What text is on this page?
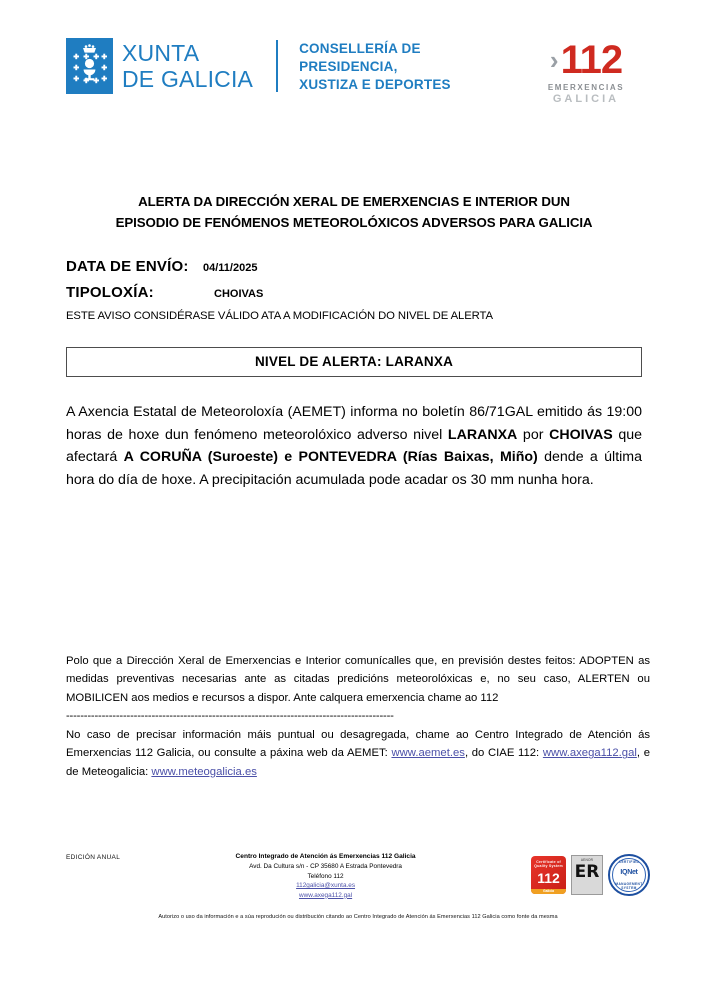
XUNTA
DE GALICIA
CONSELLERÍA DE
PRESIDENCIA,
XUSTIZA E DEPORTES
› 112
EMERXENCIAS
GALICIA
ALERTA DA DIRECCIÓN XERAL DE EMERXENCIAS E INTERIOR DUN
EPISODIO DE FENÓMENOS METEOROLÓXICOS ADVERSOS PARA GALICIA
DATA DE ENVÍO:	04/11/2025
TIPOLOXÍA:	CHOIVAS
ESTE AVISO CONSIDÉRASE VÁLIDO ATA A MODIFICACIÓN DO NIVEL DE ALERTA
NIVEL DE ALERTA: LARANXA
A Axencia Estatal de Meteoroloxía (AEMET) informa no boletín 86/71GAL emitido ás 19:00 horas de hoxe dun fenómeno meteorolóxico adverso nivel LARANXA por CHOIVAS que afectará A CORUÑA (Suroeste) e PONTEVEDRA (Rías Baixas, Miño) dende a última hora do día de hoxe. A precipitación acumulada pode acadar os 30 mm nunha hora.

Polo que a Dirección Xeral de Emerxencias e Interior comunícalles que, en previsión destes feitos: ADOPTEN as medidas preventivas necesarias ante as citadas predicións meteorolóxicas e, no seu caso, ALERTEN ou MOBILICEN aos medios e recursos a dispor. Ante calquera emerxencia chame ao 112

--------------------------------------------------------------------------------------------
No caso de precisar información máis puntual ou desagregada, chame ao Centro Integrado de Atención ás Emerxencias 112 Galicia, ou consulte a páxina web da AEMET: www.aemet.es, do CIAE 112: www.axega112.gal, e de Meteogalicia: www.meteogalicia.es
EDICIÓN ANUAL	Centro Integrado de Atención ás Emerxencias 112 Galicia
Avd. Da Cultura s/n - CP 35680 A Estrada Pontevedra
Teléfono 112
112galicia@xunta.es
www.axega112.gal
Certificate of
Quality System
112
Galicia
AENOR
ER	CERTIFIED
IQNet
MANAGEMENT SYSTEM
Autorizo o uso da información e a súa reprodución ou distribución citando ao Centro Integrado de Atención ás Emerxencias 112 Galicia como fonte da mesma
